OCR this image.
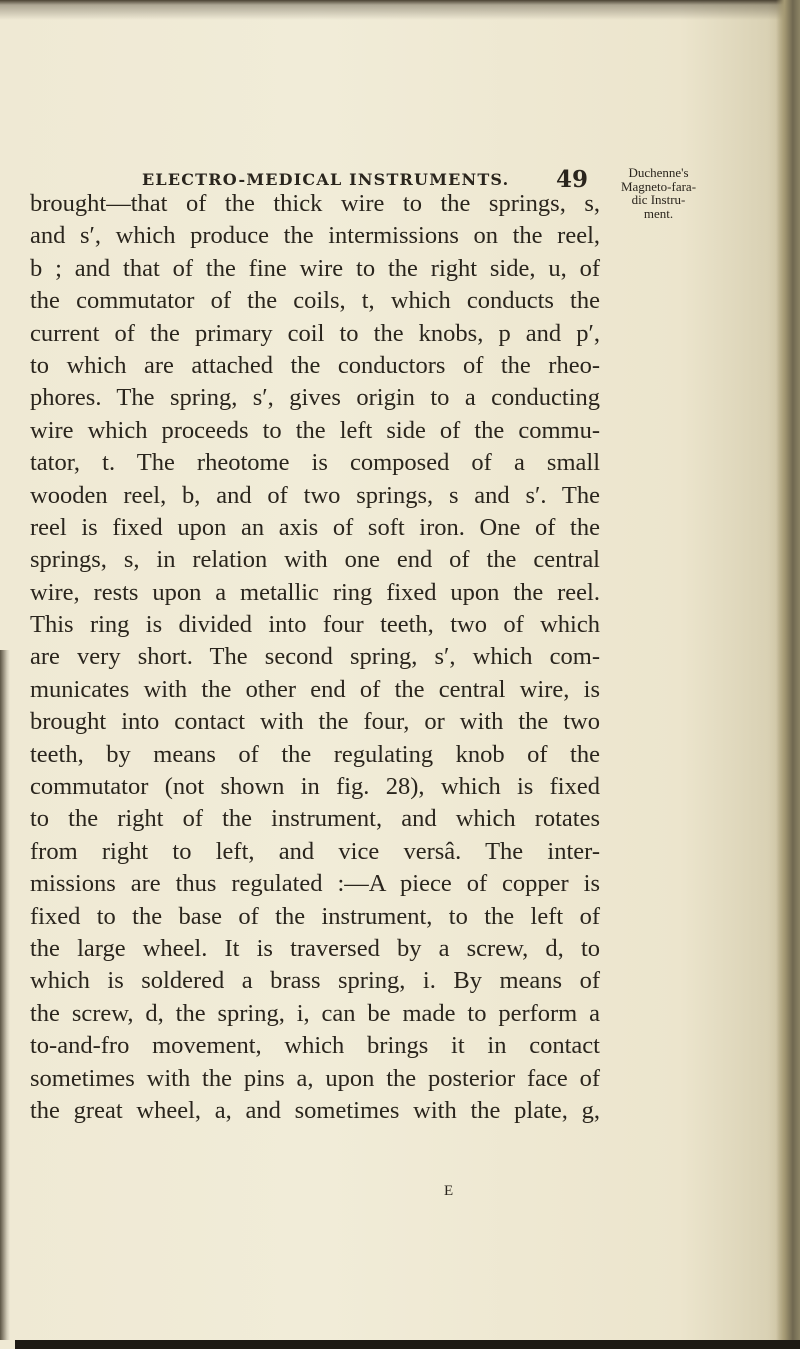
ELECTRO-MEDICAL INSTRUMENTS. 49	Duchenne's
Magneto-fara-
dic Instru-
ment.
brought—that of the thick wire to the springs, s,
and s′, which produce the intermissions on the reel,
b ; and that of the fine wire to the right side, u, of
the commutator of the coils, t, which conducts the
current of the primary coil to the knobs, p and p′,
to which are attached the conductors of the rheo-
phores. The spring, s′, gives origin to a conducting
wire which proceeds to the left side of the commu-
tator, t. The rheotome is composed of a small
wooden reel, b, and of two springs, s and s′. The
reel is fixed upon an axis of soft iron. One of the
springs, s, in relation with one end of the central
wire, rests upon a metallic ring fixed upon the reel.
This ring is divided into four teeth, two of which
are very short. The second spring, s′, which com-
municates with the other end of the central wire, is
brought into contact with the four, or with the two
teeth, by means of the regulating knob of the
commutator (not shown in fig. 28), which is fixed
to the right of the instrument, and which rotates
from right to left, and vice versâ. The inter-
missions are thus regulated :—A piece of copper is
fixed to the base of the instrument, to the left of
the large wheel. It is traversed by a screw, d, to
which is soldered a brass spring, i. By means of
the screw, d, the spring, i, can be made to perform a
to-and-fro movement, which brings it in contact
sometimes with the pins a, upon the posterior face of
the great wheel, a, and sometimes with the plate, g,
E
